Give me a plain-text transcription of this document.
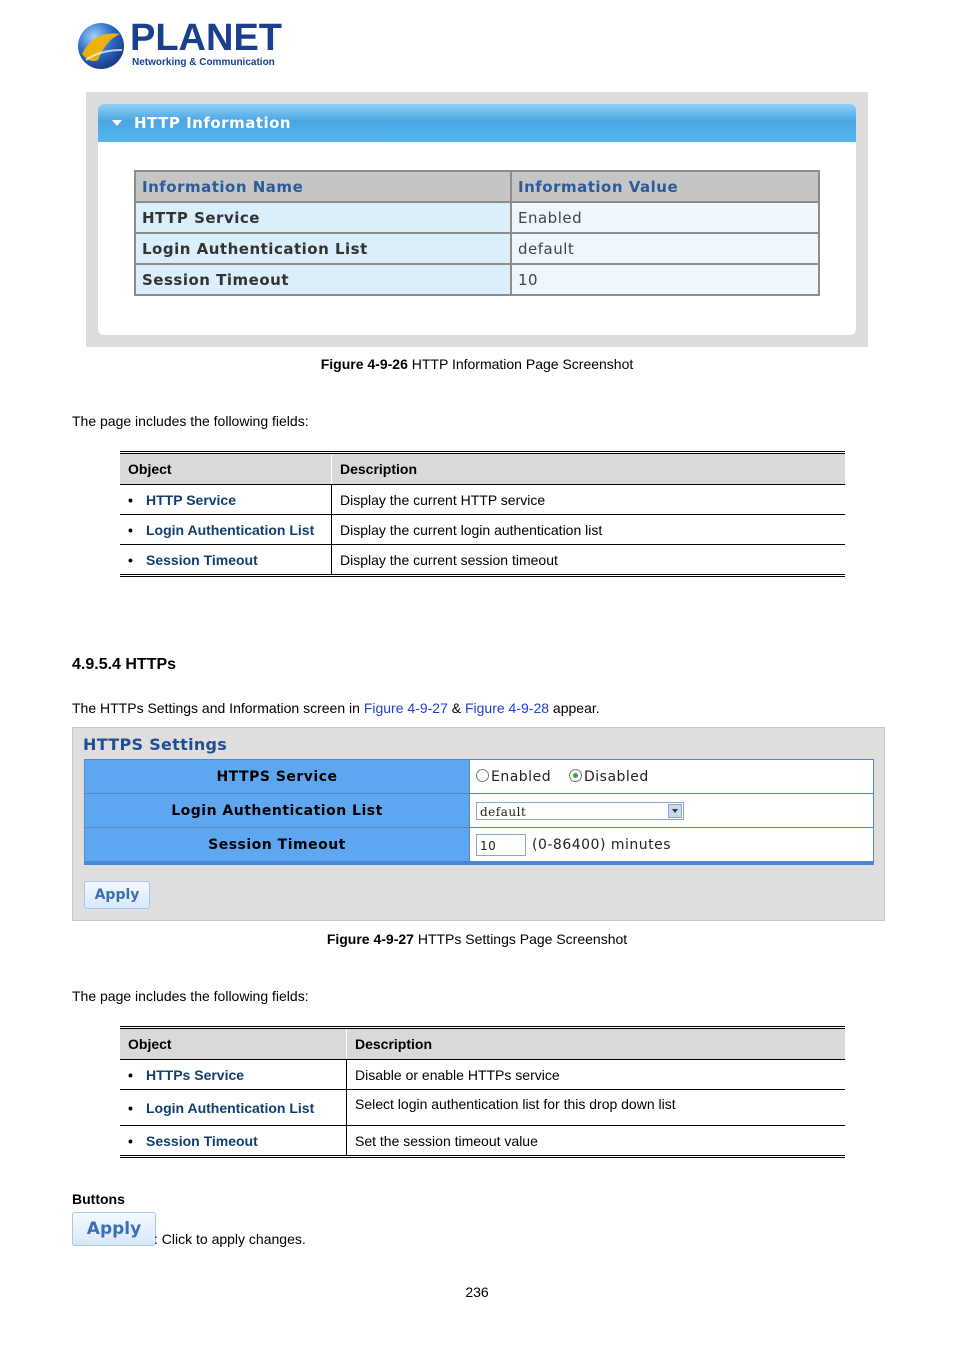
PLANET
Networking & Communication
HTTP Information
Information Name	Information Value
HTTP Service	Enabled
Login Authentication List	default
Session Timeout	10
Figure 4-9-26 HTTP Information Page Screenshot
The page includes the following fields:
Object	Description
• HTTP Service	Display the current HTTP service
• Login Authentication List	Display the current login authentication list
• Session Timeout	Display the current session timeout
4.9.5.4 HTTPs
The HTTPs Settings and Information screen in Figure 4-9-27 & Figure 4-9-28 appear.
HTTPS Settings
HTTPS Service	Enabled Disabled
Login Authentication List	default

Session Timeout	10 (0-86400) minutes
Apply
Figure 4-9-27 HTTPs Settings Page Screenshot
The page includes the following fields:
Object	Description
• HTTPs Service	Disable or enable HTTPs service
• Login Authentication List	Select login authentication list for this drop down list
• Session Timeout	Set the session timeout value
Buttons
Apply : Click to apply changes.
236
